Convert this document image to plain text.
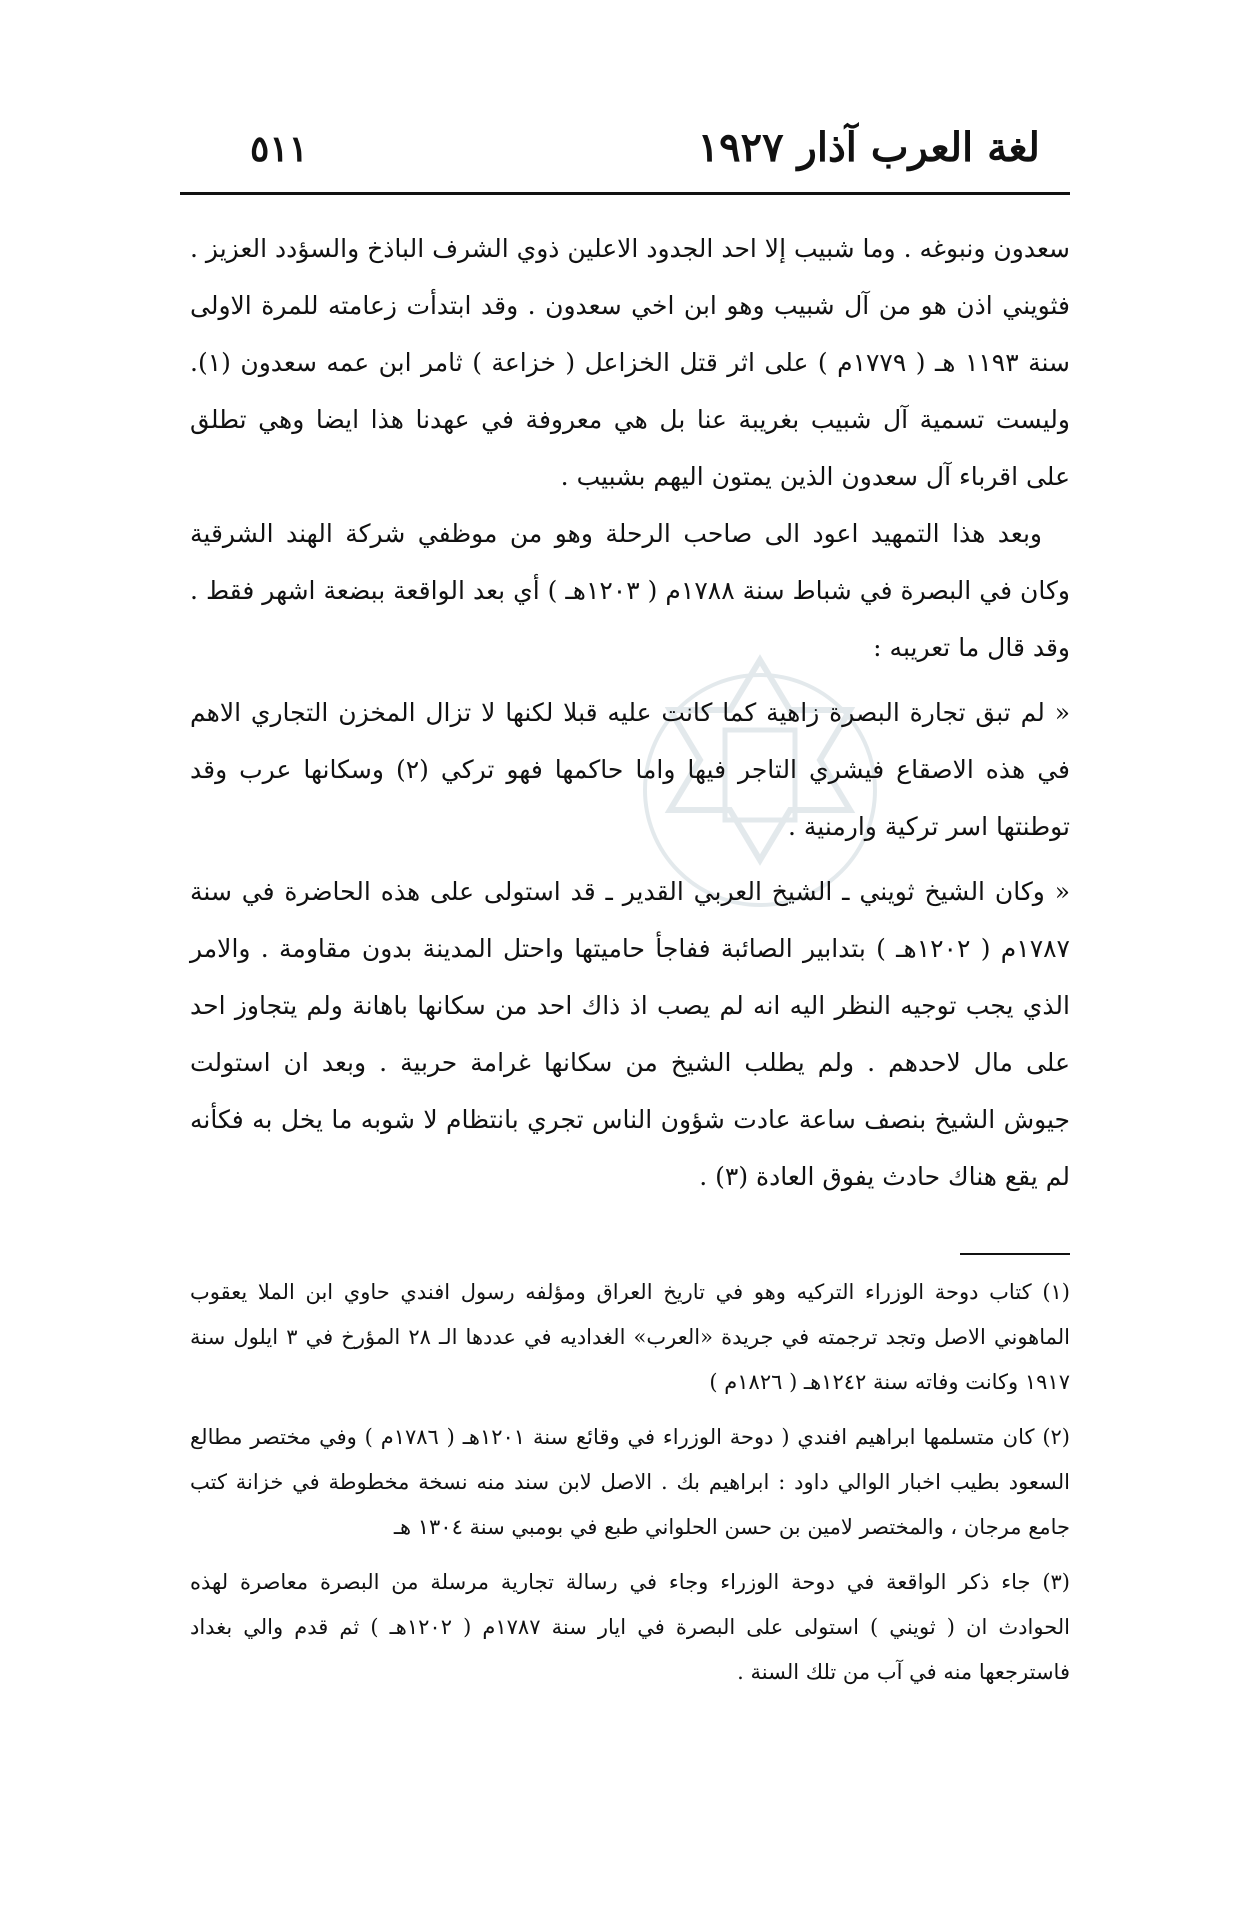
٥١١	لغة العرب آذار ١٩٢٧

سعدون ونبوغه . وما شبيب إلا احد الجدود الاعلين ذوي الشرف الباذخ والسؤدد العزيز . فثويني اذن هو من آل شبيب وهو ابن اخي سعدون . وقد ابتدأت زعامته للمرة الاولى سنة ١١٩٣ هـ ( ١٧٧٩م ) على اثر قتل الخزاعل ( خزاعة ) ثامر ابن عمه سعدون (١). وليست تسمية آل شبيب بغريبة عنا بل هي معروفة في عهدنا هذا ايضا وهي تطلق على اقرباء آل سعدون الذين يمتون اليهم بشبيب .

وبعد هذا التمهيد اعود الى صاحب الرحلة وهو من موظفي شركة الهند الشرقية وكان في البصرة في شباط سنة ١٧٨٨م ( ١٢٠٣هـ ) أي بعد الواقعة ببضعة اشهر فقط . وقد قال ما تعريبه :

« لم تبق تجارة البصرة زاهية كما كانت عليه قبلا لكنها لا تزال المخزن التجاري الاهم في هذه الاصقاع فيشري التاجر فيها واما حاكمها فهو تركي (٢) وسكانها عرب وقد توطنتها اسر تركية وارمنية .

« وكان الشيخ ثويني ـ الشيخ العربي القدير ـ قد استولى على هذه الحاضرة في سنة ١٧٨٧م ( ١٢٠٢هـ ) بتدابير الصائبة ففاجأ حاميتها واحتل المدينة بدون مقاومة . والامر الذي يجب توجيه النظر اليه انه لم يصب اذ ذاك احد من سكانها باهانة ولم يتجاوز احد على مال لاحدهم . ولم يطلب الشيخ من سكانها غرامة حربية . وبعد ان استولت جيوش الشيخ بنصف ساعة عادت شؤون الناس تجري بانتظام لا شوبه ما يخل به فكأنه لم يقع هناك حادث يفوق العادة (٣) .

(١) كتاب دوحة الوزراء التركيه وهو في تاريخ العراق ومؤلفه رسول افندي حاوي ابن الملا يعقوب الماهوني الاصل وتجد ترجمته في جريدة «العرب» الغداديه في عددها الـ ٢٨ المؤرخ في ٣ ايلول سنة ١٩١٧ وكانت وفاته سنة ١٢٤٢هـ ( ١٨٢٦م )

(٢) كان متسلمها ابراهيم افندي ( دوحة الوزراء في وقائع سنة ١٢٠١هـ ( ١٧٨٦م ) وفي مختصر مطالع السعود بطيب اخبار الوالي داود : ابراهيم بك . الاصل لابن سند منه نسخة مخطوطة في خزانة كتب جامع مرجان ، والمختصر لامين بن حسن الحلواني طبع في بومبي سنة ١٣٠٤ هـ

(٣) جاء ذكر الواقعة في دوحة الوزراء وجاء في رسالة تجارية مرسلة من البصرة معاصرة لهذه الحوادث ان ( ثويني ) استولى على البصرة في ايار سنة ١٧٨٧م ( ١٢٠٢هـ ) ثم قدم والي بغداد فاسترجعها منه في آب من تلك السنة .
